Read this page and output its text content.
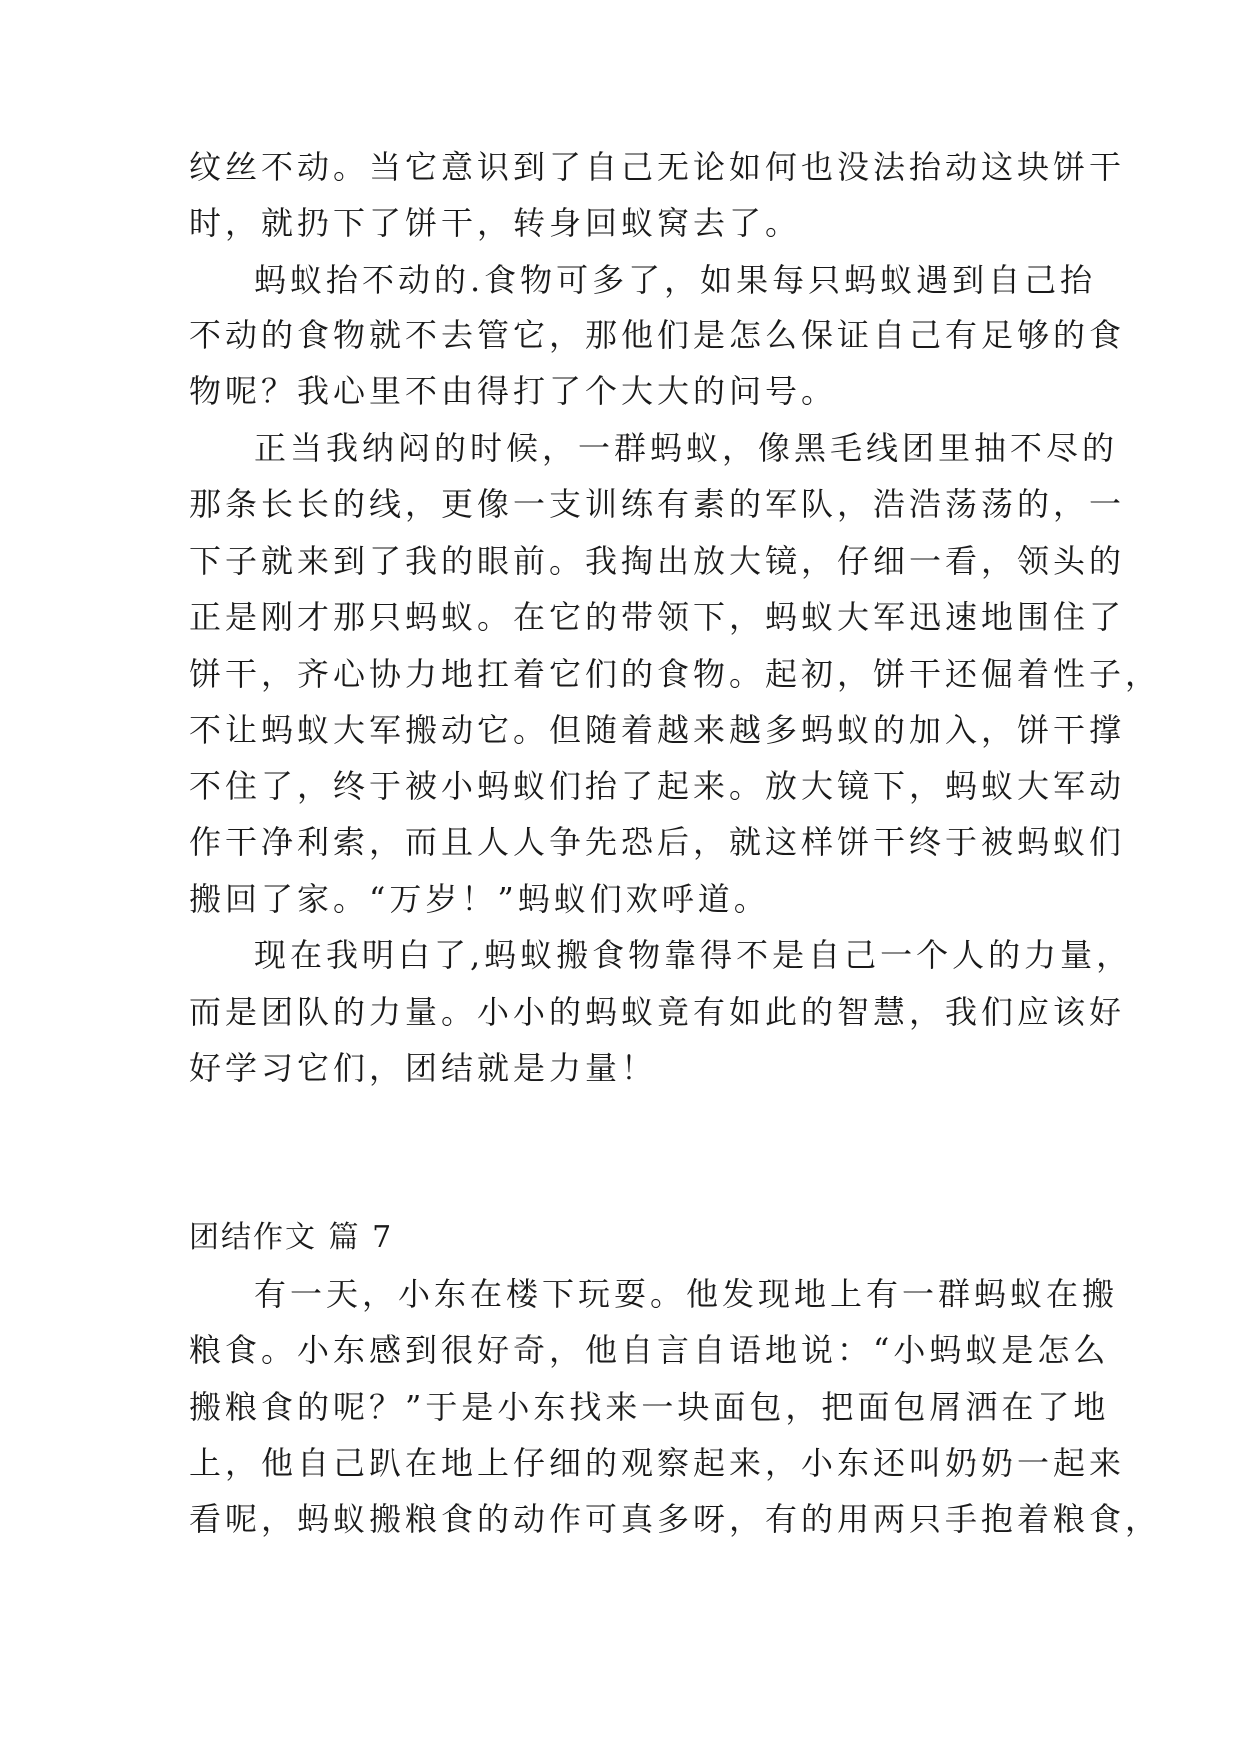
纹丝不动。当它意识到了自己无论如何也没法抬动这块饼干
时，就扔下了饼干，转身回蚁窝去了。
蚂蚁抬不动的.食物可多了，如果每只蚂蚁遇到自己抬
不动的食物就不去管它，那他们是怎么保证自己有足够的食
物呢？我心里不由得打了个大大的问号。
正当我纳闷的时候，一群蚂蚁，像黑毛线团里抽不尽的
那条长长的线，更像一支训练有素的军队，浩浩荡荡的，一
下子就来到了我的眼前。我掏出放大镜，仔细一看，领头的
正是刚才那只蚂蚁。在它的带领下，蚂蚁大军迅速地围住了
饼干，齐心协力地扛着它们的食物。起初，饼干还倔着性子，
不让蚂蚁大军搬动它。但随着越来越多蚂蚁的加入，饼干撑
不住了，终于被小蚂蚁们抬了起来。放大镜下，蚂蚁大军动
作干净利索，而且人人争先恐后，就这样饼干终于被蚂蚁们
搬回了家。“万岁！”蚂蚁们欢呼道。
现在我明白了,蚂蚁搬食物靠得不是自己一个人的力量，
而是团队的力量。小小的蚂蚁竟有如此的智慧，我们应该好
好学习它们，团结就是力量！
团结作文 篇 7
有一天，小东在楼下玩耍。他发现地上有一群蚂蚁在搬
粮食。小东感到很好奇，他自言自语地说：“小蚂蚁是怎么
搬粮食的呢？”于是小东找来一块面包，把面包屑洒在了地
上，他自己趴在地上仔细的观察起来，小东还叫奶奶一起来
看呢，蚂蚁搬粮食的动作可真多呀，有的用两只手抱着粮食，
